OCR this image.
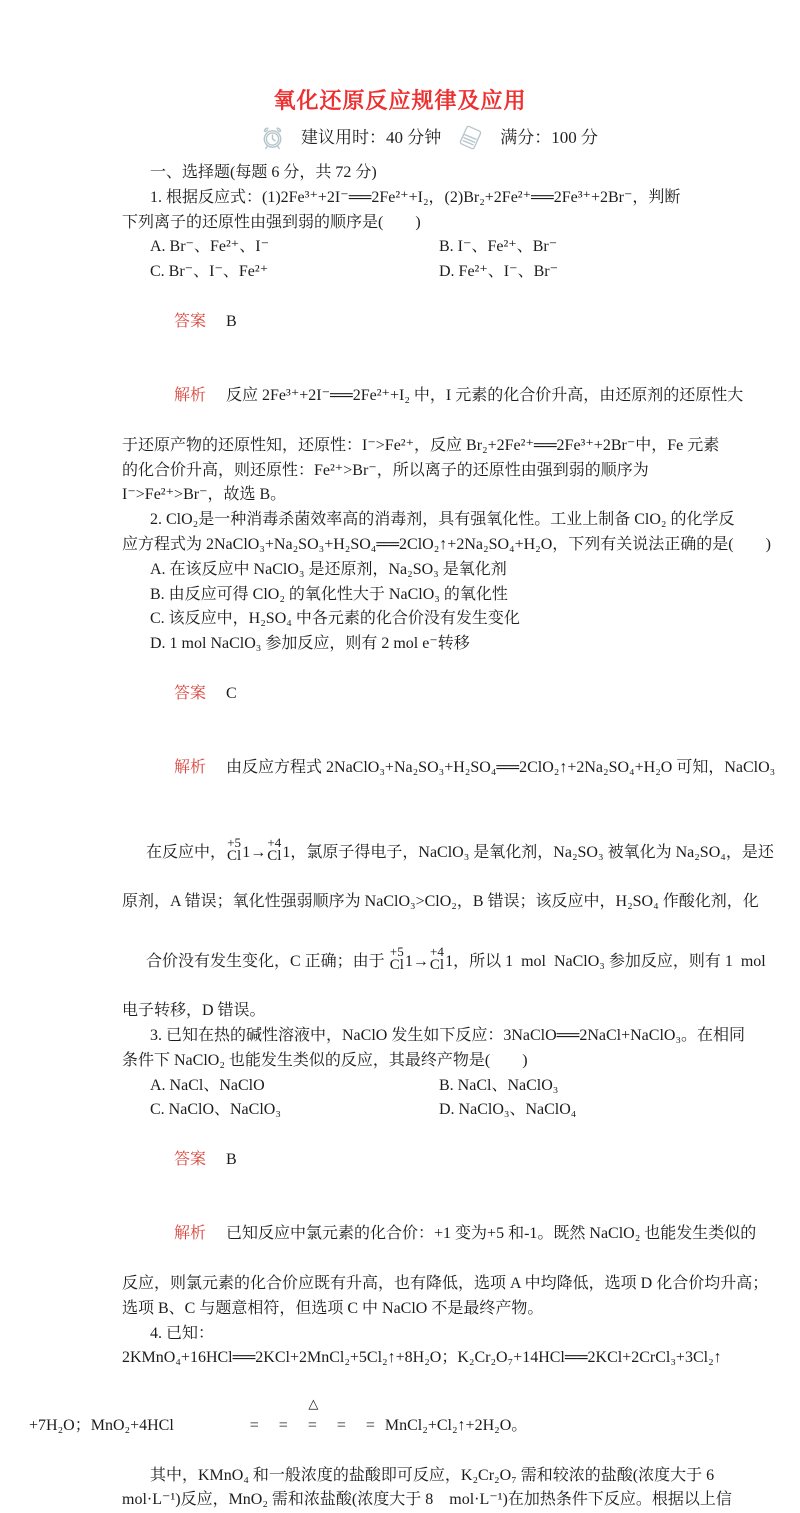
氧化还原反应规律及应用
建议用时：40 分钟	满分：100 分
一、选择题(每题 6 分，共 72 分)
1. 根据反应式：(1)2Fe³⁺+2I⁻══2Fe²⁺+I₂，(2)Br₂+2Fe²⁺══2Fe³⁺+2Br⁻，判断
下列离子的还原性由强到弱的顺序是(　　)
A. Br⁻、Fe²⁺、I⁻	B. I⁻、Fe²⁺、Br⁻
C. Br⁻、I⁻、Fe²⁺	D. Fe²⁺、I⁻、Br⁻

答案 B

解析 反应 2Fe³⁺+2I⁻══2Fe²⁺+I₂ 中，I 元素的化合价升高，由还原剂的还原性大

于还原产物的还原性知，还原性：I⁻>Fe²⁺，反应 Br₂+2Fe²⁺══2Fe³⁺+2Br⁻中，Fe 元素
的化合价升高，则还原性：Fe²⁺>Br⁻，所以离子的还原性由强到弱的顺序为
I⁻>Fe²⁺>Br⁻，故选 B。
2. ClO₂是一种消毒杀菌效率高的消毒剂，具有强氧化性。工业上制备 ClO₂ 的化学反
应方程式为 2NaClO₃+Na₂SO₃+H₂SO₄══2ClO₂↑+2Na₂SO₄+H₂O，下列有关说法正确的是(　　)
A. 在该反应中 NaClO₃ 是还原剂，Na₂SO₃ 是氧化剂
B. 由反应可得 ClO₂ 的氧化性大于 NaClO₃ 的氧化性
C. 该反应中，H₂SO₄ 中各元素的化合价没有发生变化
D. 1 mol NaClO₃ 参加反应，则有 2 mol e⁻转移

答案 C

解析 由反应方程式 2NaClO₃+Na₂SO₃+H₂SO₄══2ClO₂↑+2Na₂SO₄+H₂O 可知，NaClO₃

在反应中，
+5
Cl 1→
+4
Cl 1，氯原子得电子，NaClO₃ 是氧化剂，Na₂SO₃ 被氧化为 Na₂SO₄，是还

原剂，A 错误；氧化性强弱顺序为 NaClO₃>ClO₂，B 错误；该反应中，H₂SO₄ 作酸化剂，化

合价没有发生变化，C 正确；由于
+5
Cl 1→
+4
Cl 1，所以 1  mol  NaClO₃ 参加反应，则有 1  mol

电子转移，D 错误。
3. 已知在热的碱性溶液中，NaClO 发生如下反应：3NaClO══2NaCl+NaClO₃。在相同
条件下 NaClO₂ 也能发生类似的反应，其最终产物是(　　)
A. NaCl、NaClO	B. NaCl、NaClO₃
C. NaClO、NaClO₃	D. NaClO₃、NaClO₄

答案 B

解析 已知反应中氯元素的化合价：+1 变为+5 和-1。既然 NaClO₂ 也能发生类似的

反应，则氯元素的化合价应既有升高，也有降低，选项 A 中均降低，选项 D 化合价均升高；
选项 B、C 与题意相符，但选项 C 中 NaClO 不是最终产物。
4. 已知：
2KMnO₄+16HCl══2KCl+2MnCl₂+5Cl₂↑+8H₂O；K₂Cr₂O₇+14HCl══2KCl+2CrCl₃+3Cl₂↑

+7H₂O；MnO₂+4HCl
△
=   =   =   =   = MnCl₂+Cl₂↑+2H₂O。

其中，KMnO₄ 和一般浓度的盐酸即可反应，K₂Cr₂O₇ 需和较浓的盐酸(浓度大于 6
mol·L⁻¹)反应，MnO₂ 需和浓盐酸(浓度大于 8　mol·L⁻¹)在加热条件下反应。根据以上信
